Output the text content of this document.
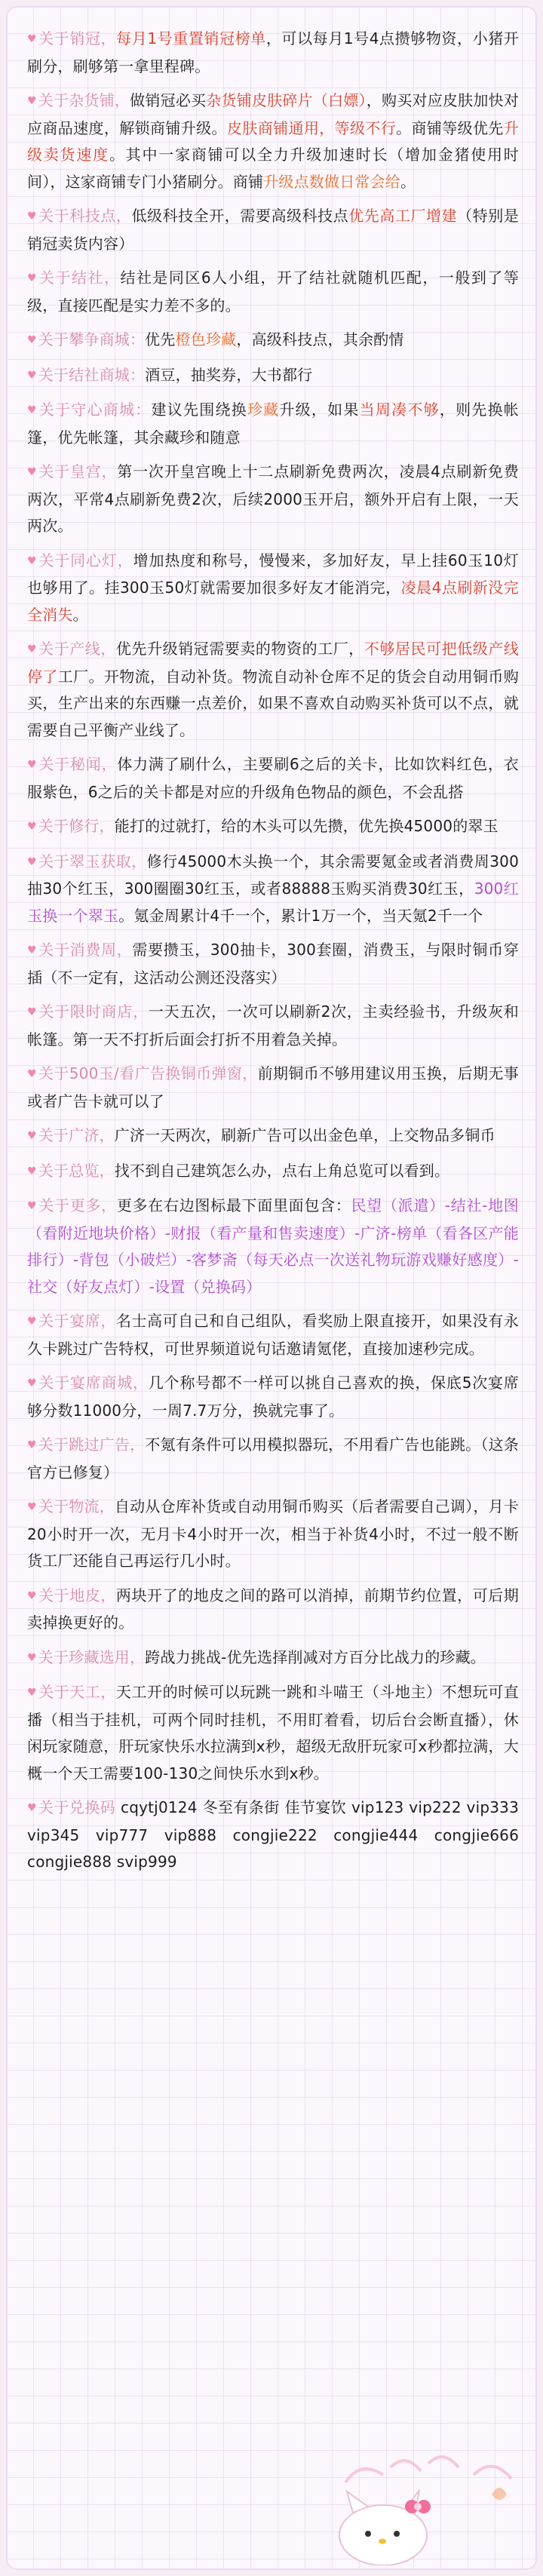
♥ 关于销冠，每月1号重置销冠榜单，可以每月1号4点攒够物资，小猪开刷分，刷够第一拿里程碑。
♥ 关于杂货铺，做销冠必买杂货铺皮肤碎片（白嫖），购买对应皮肤加快对应商品速度，解锁商铺升级。皮肤商铺通用，等级不行。商铺等级优先升级卖货速度。其中一家商铺可以全力升级加速时长（增加金猪使用时间），这家商铺专门小猪刷分。商铺升级点数做日常会给。
♥ 关于科技点，低级科技全开，需要高级科技点优先高工厂增建（特别是销冠卖货内容）
♥ 关于结社，结社是同区6人小组，开了结社就随机匹配，一般到了等级，直接匹配是实力差不多的。
♥ 关于攀争商城：优先橙色珍藏，高级科技点，其余酌情
♥ 关于结社商城：酒豆，抽奖券，大书都行
♥ 关于守心商城：建议先围绕换珍藏升级，如果当周凑不够，则先换帐篷，优先帐篷，其余藏珍和随意
♥ 关于皇宫，第一次开皇宫晚上十二点刷新免费两次，凌晨4点刷新免费两次，平常4点刷新免费2次，后续2000玉开启，额外开启有上限，一天两次。
♥ 关于同心灯，增加热度和称号，慢慢来，多加好友，早上挂60玉10灯也够用了。挂300玉50灯就需要加很多好友才能消完，凌晨4点刷新没完全消失。
♥ 关于产线，优先升级销冠需要卖的物资的工厂，不够居民可把低级产线停了工厂。开物流，自动补货。物流自动补仓库不足的货会自动用铜币购买，生产出来的东西赚一点差价，如果不喜欢自动购买补货可以不点，就需要自己平衡产业线了。
♥ 关于秘闻，体力满了刷什么，主要刷6之后的关卡，比如饮料红色，衣服紫色，6之后的关卡都是对应的升级角色物品的颜色，不会乱搭
♥ 关于修行，能打的过就打，给的木头可以先攒，优先换45000的翠玉
♥ 关于翠玉获取，修行45000木头换一个，其余需要氪金或者消费周300抽30个红玉，300圈圈30红玉，或者88888玉购买消费30红玉，300红玉换一个翠玉。氪金周累计4千一个，累计1万一个，当天氪2千一个
♥ 关于消费周，需要攒玉，300抽卡，300套圈，消费玉，与限时铜币穿插（不一定有，这活动公测还没落实）
♥ 关于限时商店，一天五次，一次可以刷新2次，主卖经验书，升级灰和帐篷。第一天不打折后面会打折不用着急关掉。
♥ 关于500玉/看广告换铜币弹窗，前期铜币不够用建议用玉换，后期无事或者广告卡就可以了
♥ 关于广济，广济一天两次，刷新广告可以出金色单，上交物品多铜币
♥ 关于总览，找不到自己建筑怎么办，点右上角总览可以看到。
♥ 关于更多，更多在右边图标最下面里面包含：民望（派遣）-结社-地图（看附近地块价格）-财报（看产量和售卖速度）-广济-榜单（看各区产能排行）-背包（小破烂）-客梦斋（每天必点一次送礼物玩游戏赚好感度）-社交（好友点灯）-设置（兑换码）
♥ 关于宴席，名士高可自己和自己组队，看奖励上限直接开，如果没有永久卡跳过广告特权，可世界频道说句话邀请氪佬，直接加速秒完成。
♥ 关于宴席商城，几个称号都不一样可以挑自己喜欢的换，保底5次宴席够分数11000分，一周7.7万分，换就完事了。
♥ 关于跳过广告，不氪有条件可以用模拟器玩，不用看广告也能跳。（这条官方已修复）
♥ 关于物流，自动从仓库补货或自动用铜币购买（后者需要自己调），月卡20小时开一次，无月卡4小时开一次，相当于补货4小时，不过一般不断货工厂还能自己再运行几小时。
♥ 关于地皮，两块开了的地皮之间的路可以消掉，前期节约位置，可后期卖掉换更好的。
♥ 关于珍藏选用，跨战力挑战-优先选择削减对方百分比战力的珍藏。
♥ 关于天工，天工开的时候可以玩跳一跳和斗喵王（斗地主）不想玩可直播（相当于挂机，可两个同时挂机，不用盯着看，切后台会断直播），休闲玩家随意，肝玩家快乐水拉满到x秒，超级无敌肝玩家可x秒都拉满，大概一个天工需要100-130之间快乐水到x秒。
♥ 关于兑换码 cqytj0124 冬至有条街 佳节宴饮 vip123 vip222 vip333 vip345 vip777 vip888 congjie222 congjie444 congjie666 congjie888 svip999
